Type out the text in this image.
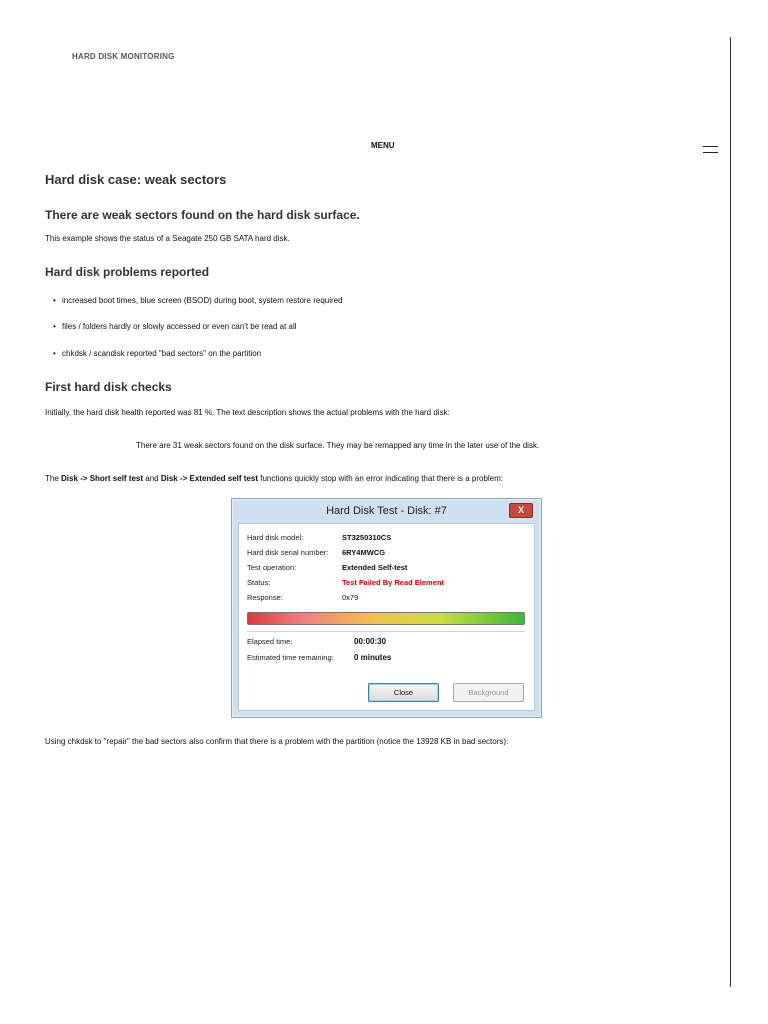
HARD DISK MONITORING
MENU
Hard disk case: weak sectors
There are weak sectors found on the hard disk surface.

This example shows the status of a Seagate 250 GB SATA hard disk.

Hard disk problems reported
• increased boot times, blue screen (BSOD) during boot, system restore required
• files / folders hardly or slowly accessed or even can't be read at all
• chkdsk / scandisk reported "bad sectors" on the partition
First hard disk checks

Initially, the hard disk health reported was 81 %. The text description shows the actual problems with the hard disk:

There are 31 weak sectors found on the disk surface. They may be remapped any time in the later use of the disk.

The Disk -> Short self test and Disk -> Extended self test functions quickly stop with an error indicating that there is a problem:

Using chkdsk to "repair" the bad sectors also confirm that there is a problem with the partition (notice the 13928 KB in bad sectors):

Hard Disk Test - Disk: #7	X
Hard disk model:	ST3250310CS
Hard disk serial number: 6RY4MWCG
Test operation:	Extended Self-test
Status:	Test Failed By Read Element
Response:	0x79
Elapsed time:	00:00:30
Estimated time remaining:	0 minutes
Close	Background
